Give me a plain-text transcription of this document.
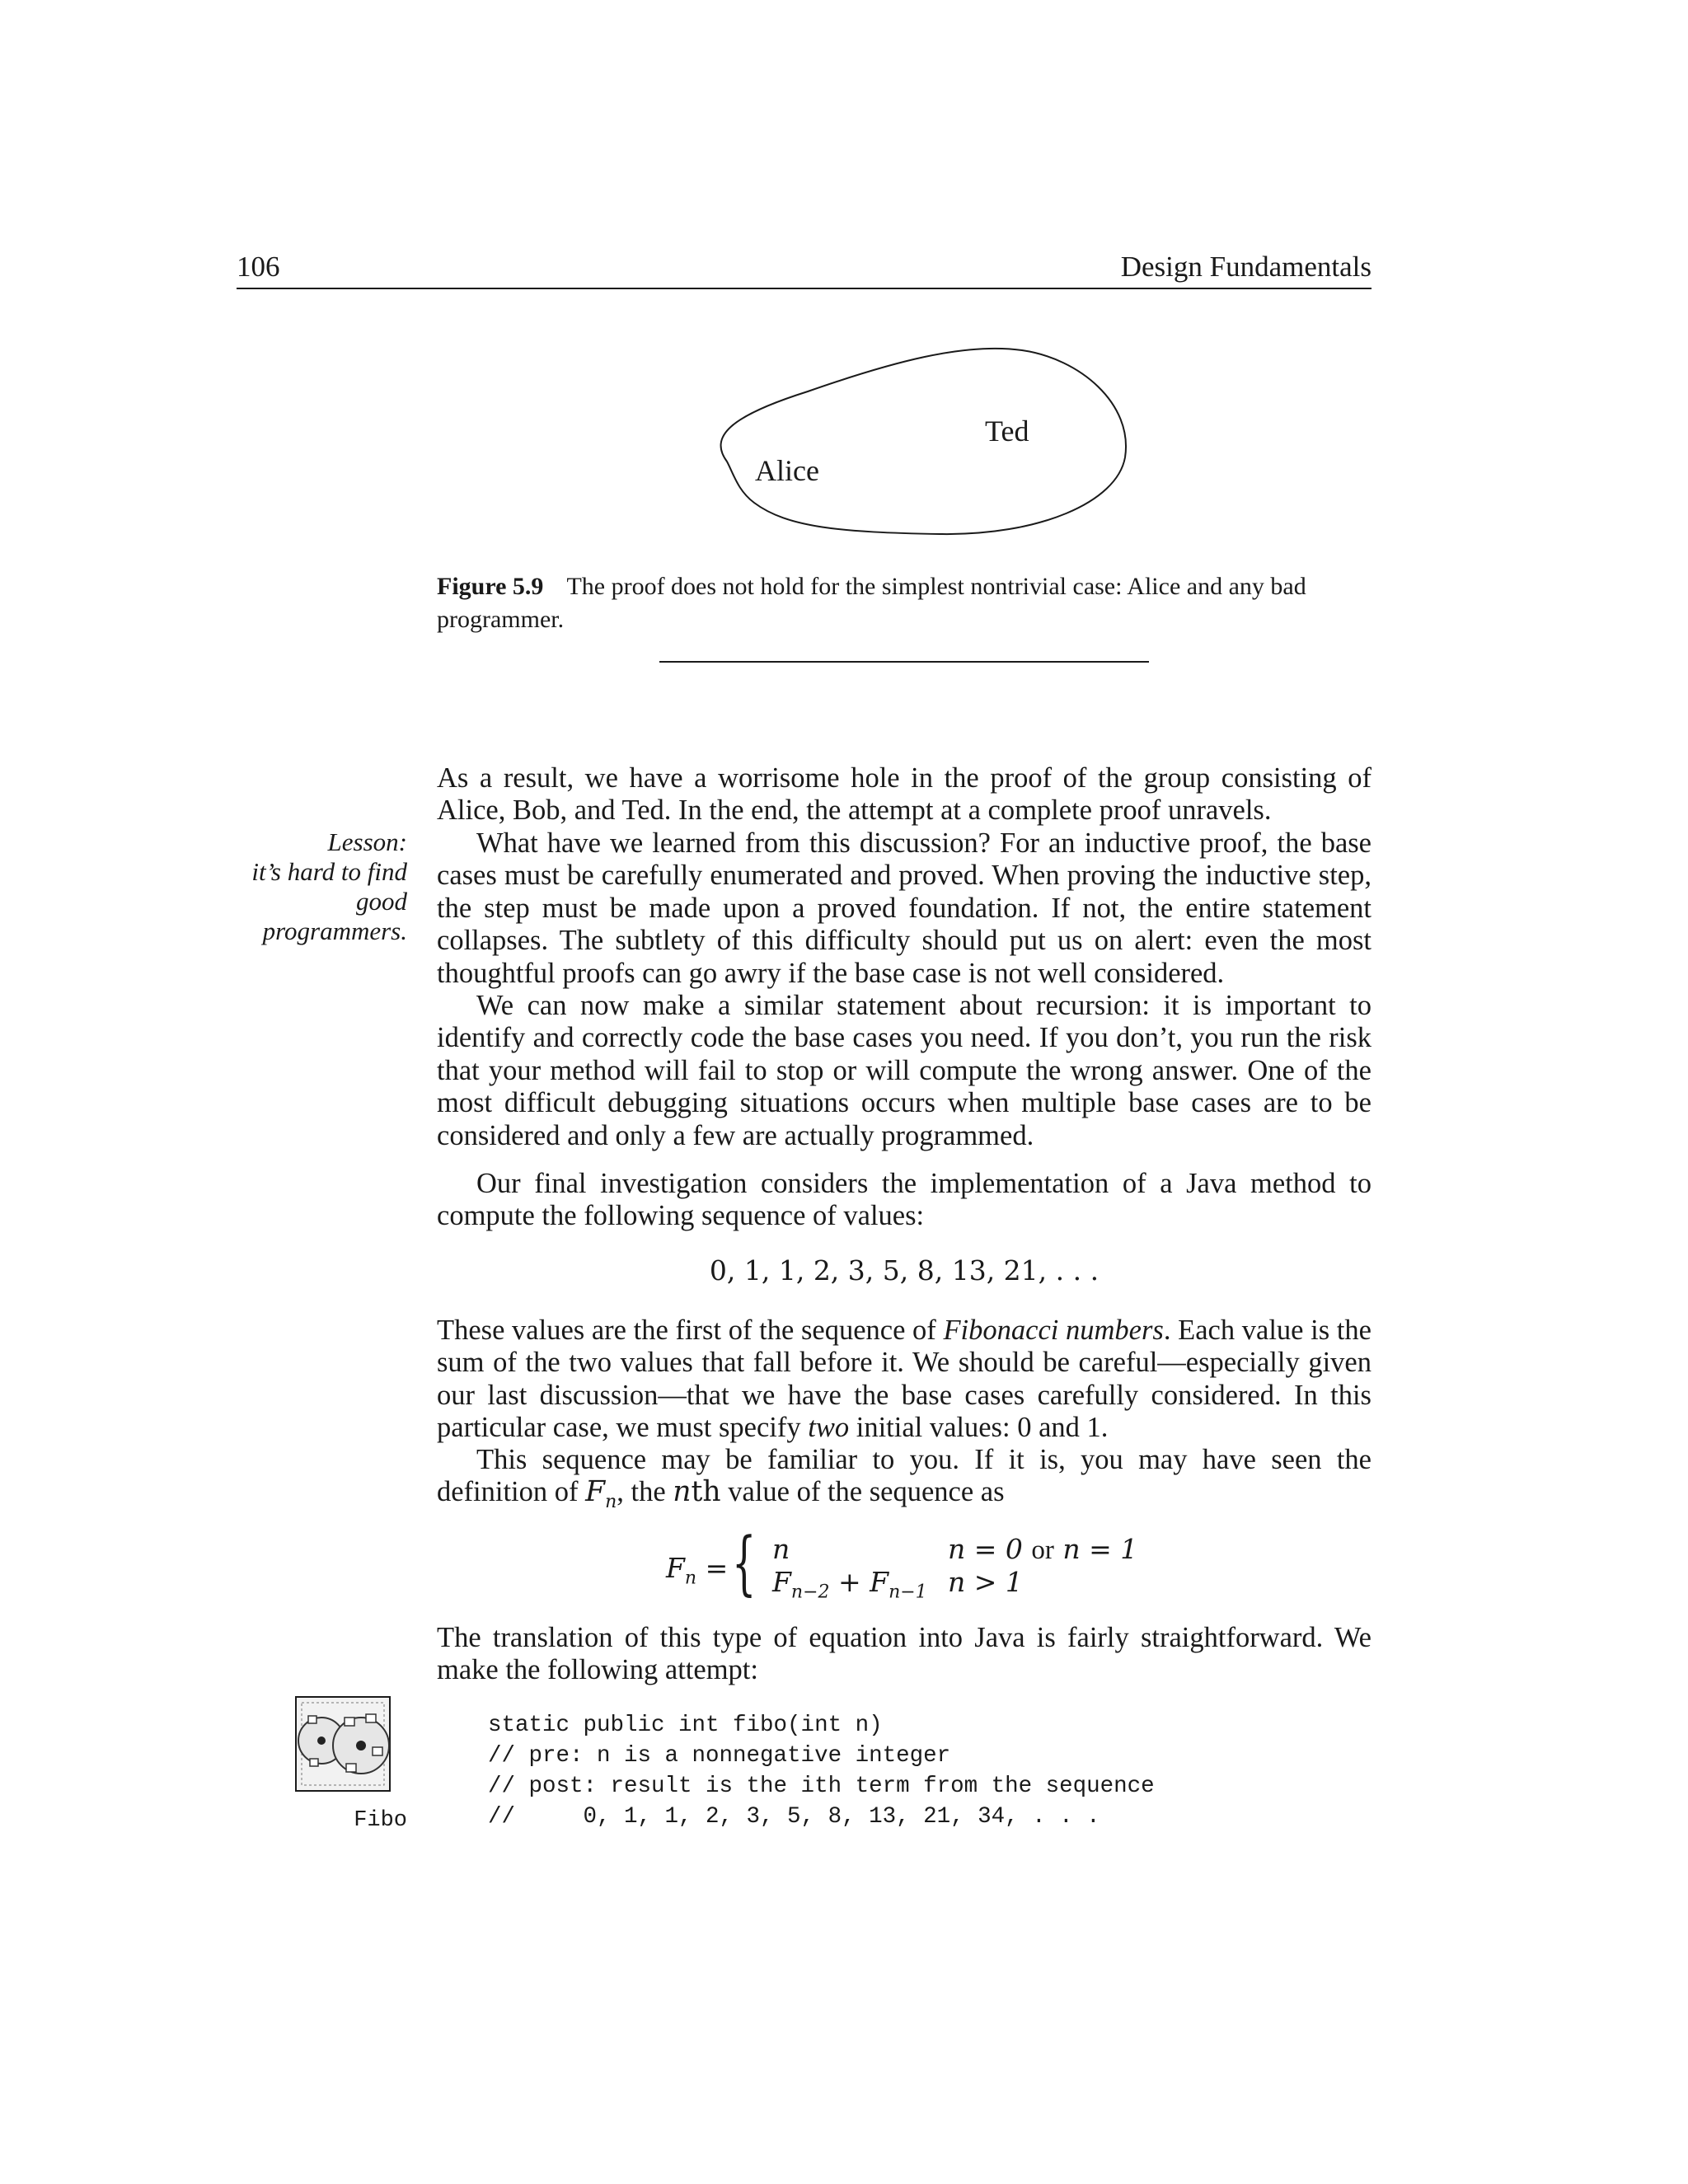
106	Design Fundamentals
Ted
Alice
Figure 5.9 The proof does not hold for the simplest nontrivial case: Alice and any bad programmer.
Lesson:
it’s hard to find
good
programmers.

As a result, we have a worrisome hole in the proof of the group consisting of Alice, Bob, and Ted. In the end, the attempt at a complete proof unravels.

What have we learned from this discussion? For an inductive proof, the base cases must be carefully enumerated and proved. When proving the inductive step, the step must be made upon a proved foundation. If not, the entire statement collapses. The subtlety of this difficulty should put us on alert: even the most thoughtful proofs can go awry if the base case is not well considered.

We can now make a similar statement about recursion: it is important to identify and correctly code the base cases you need. If you don’t, you run the risk that your method will fail to stop or will compute the wrong answer. One of the most difficult debugging situations occurs when multiple base cases are to be considered and only a few are actually programmed.

Our final investigation considers the implementation of a Java method to compute the following sequence of values:

0, 1, 1, 2, 3, 5, 8, 13, 21, . . .

These values are the first of the sequence of Fibonacci numbers. Each value is the sum of the two values that fall before it. We should be careful—especially given our last discussion—that we have the base cases carefully considered. In this particular case, we must specify two initial values: 0 and 1.

This sequence may be familiar to you. If it is, you may have seen the definition of $F_n$, the nth value of the sequence as

$F_n$ = { n	n = 0 or n = 1
$F_{n-2} + F_{n-1}$ n > 1

The translation of this type of equation into Java is fairly straightforward. We make the following attempt:

Fibo
static public int fibo(int n)
// pre: n is a nonnegative integer
// post: result is the ith term from the sequence
//     0, 1, 1, 2, 3, 5, 8, 13, 21, 34, . . .
